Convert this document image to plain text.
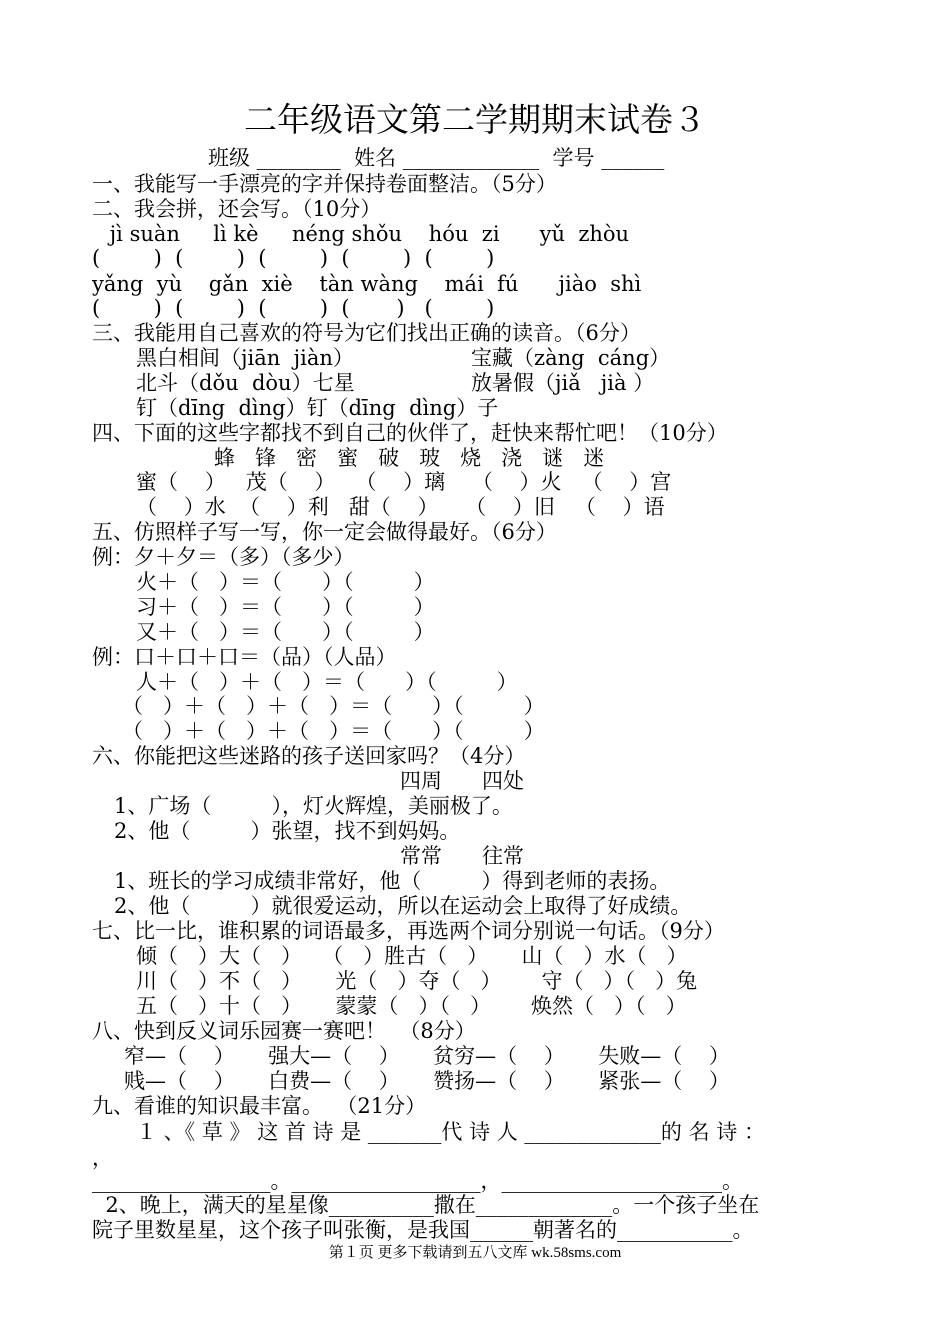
二年级语文第二学期期末试卷３
班级 ________  姓名 _____________  学号 ______
一、我能写一手漂亮的字并保持卷面整洁。（5分）
二、我会拼，还会写。（10分）
jì suàn     lì kè     néng shǒu    hóu  zi      yǔ  zhòu
(        )  (        )  (        )  (        )  (        )
yǎng  yù    gǎn  xiè    tàn wàng    mái  fú      jiào  shì
(        )  (        )  (        )  (       )   (        )
三、我能用自己喜欢的符号为它们找出正确的读音。（6分）
黑白相间（jiān  jiàn）	宝藏（zàng  cáng）
北斗（dǒu  dòu）七星	放暑假（jiǎ   jià ）
钉（dīng  dìng）钉（dīng  dìng）子
四、下面的这些字都找不到自己的伙伴了，赶快来帮忙吧！（10分）
蜂   锋   密   蜜   破   玻   烧   浇   谜   迷
蜜（    ）   茂（    ）   （    ）璃    （    ）火   （    ）宫
（    ）水  （    ）利   甜（    ）    （    ）旧   （    ）语
五、仿照样子写一写，你一定会做得最好。（6分）
例：夕＋夕＝（多）（多少）
火＋（   ）＝（      ）（         ）
习＋（   ）＝（      ）（         ）
又＋（   ）＝（      ）（         ）
例：口＋口＋口＝（品）（人品）
人＋（   ）＋（   ）＝（      ）（         ）
（   ）＋（   ）＋（   ）＝（      ）（         ）
（   ）＋（   ）＋（   ）＝（      ）（         ）
六、你能把这些迷路的孩子送回家吗？（4分）
四周      四处
1、广场（         ），灯火辉煌，美丽极了。
2、他（         ）张望，找不到妈妈。
常常      往常
1、班长的学习成绩非常好，他（         ）得到老师的表扬。
2、他（         ）就很爱运动，所以在运动会上取得了好成绩。
七、比一比，谁积累的词语最多，再选两个词分别说一句话。（9分）
倾（   ）大（   ）   （   ）胜古（   ）     山（   ）水（   ）
川（   ）不（   ）     光（   ）夺（   ）      守（   ）（   ）兔
五（   ）十（   ）     蒙蒙（   ）（   ）      焕然（   ）（   ）
八、快到反义词乐园赛一赛吧！  （8分）
窄—（    ）     强大—（    ）     贫穷—（    ）     失败—（    ）
贱—（    ）     白费—（    ）     赞扬—（    ）     紧张—（    ）
九、看谁的知识最丰富。  （21分）
１ 、《 草 》 这 首 诗 是 _______代 诗 人 _____________的 名 诗 ：
，
_________________。__________________，_____________________。
2、晚上，满天的星星像__________撒在_____________。一个孩子坐在
院子里数星星，这个孩子叫张衡，是我国______朝著名的___________。
第１页 更多下载请到五八文库 wk.58sms.com
